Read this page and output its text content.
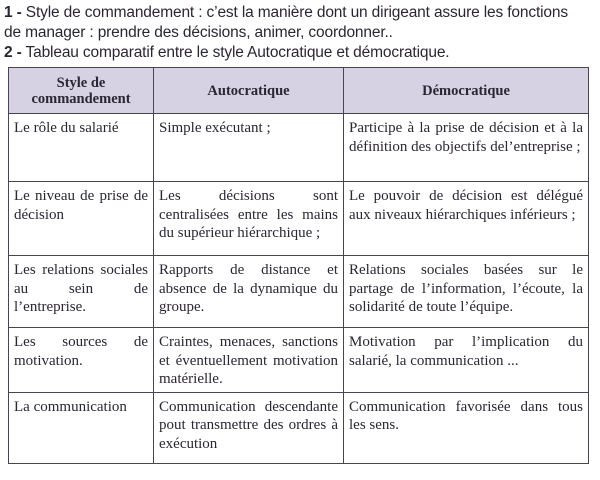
1 - Style de commandement : c’est la manière dont un dirigeant assure les fonctions
de manager : prendre des décisions, animer, coordonner..
2 - Tableau comparatif entre le style Autocratique et démocratique.
Style de commandement	Autocratique	Démocratique

Le rôle du salarié	Simple exécutant ;	Participe à la prise de décision et à la définition des objectifs del’entreprise ;

Le niveau de prise de décision	Les décisions sont centralisées entre les mains du supérieur hiérarchique ;	Le pouvoir de décision est délégué aux niveaux hiérarchiques inférieurs ;

Les relations sociales au sein de l’entreprise.	Rapports de distance et absence de la dynamique du groupe.	Relations sociales basées sur le partage de l’information, l’écoute, la solidarité de toute l’équipe.

Les sources de motivation.	Craintes, menaces, sanctions et éventuellement motivation matérielle.	Motivation par l’implication du salarié, la communication ...

La communication	Communication descendante pout transmettre des ordres à exécution	Communication favorisée dans tous les sens.
